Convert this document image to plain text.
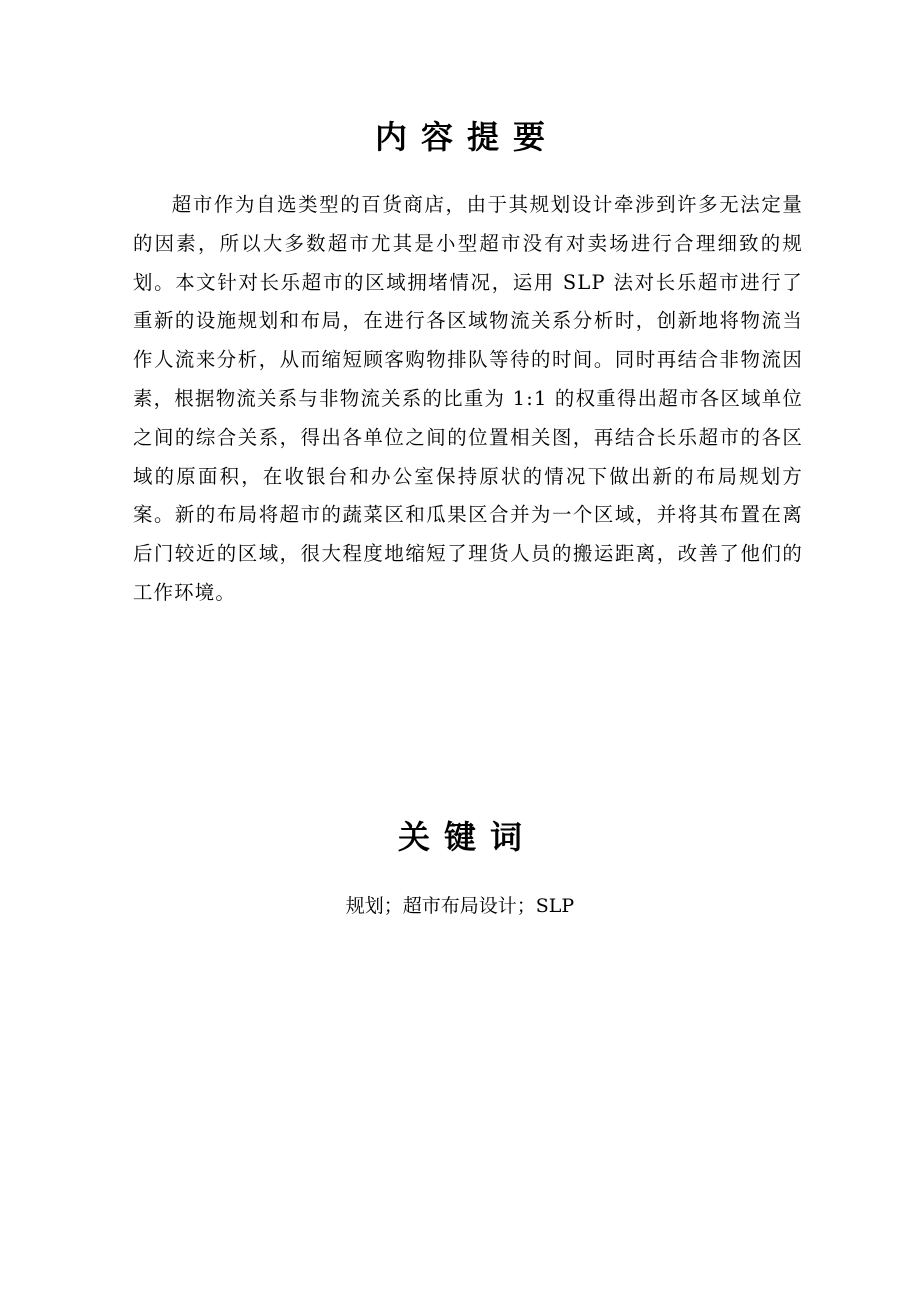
内容提要

超市作为自选类型的百货商店，由于其规划设计牵涉到许多无法定量的因素，所以大多数超市尤其是小型超市没有对卖场进行合理细致的规划。本文针对长乐超市的区域拥堵情况，运用 SLP 法对长乐超市进行了重新的设施规划和布局，在进行各区域物流关系分析时，创新地将物流当作人流来分析，从而缩短顾客购物排队等待的时间。同时再结合非物流因素，根据物流关系与非物流关系的比重为 1:1 的权重得出超市各区域单位之间的综合关系，得出各单位之间的位置相关图，再结合长乐超市的各区域的原面积，在收银台和办公室保持原状的情况下做出新的布局规划方案。新的布局将超市的蔬菜区和瓜果区合并为一个区域，并将其布置在离后门较近的区域，很大程度地缩短了理货人员的搬运距离，改善了他们的工作环境。

关键词

规划；超市布局设计；SLP
